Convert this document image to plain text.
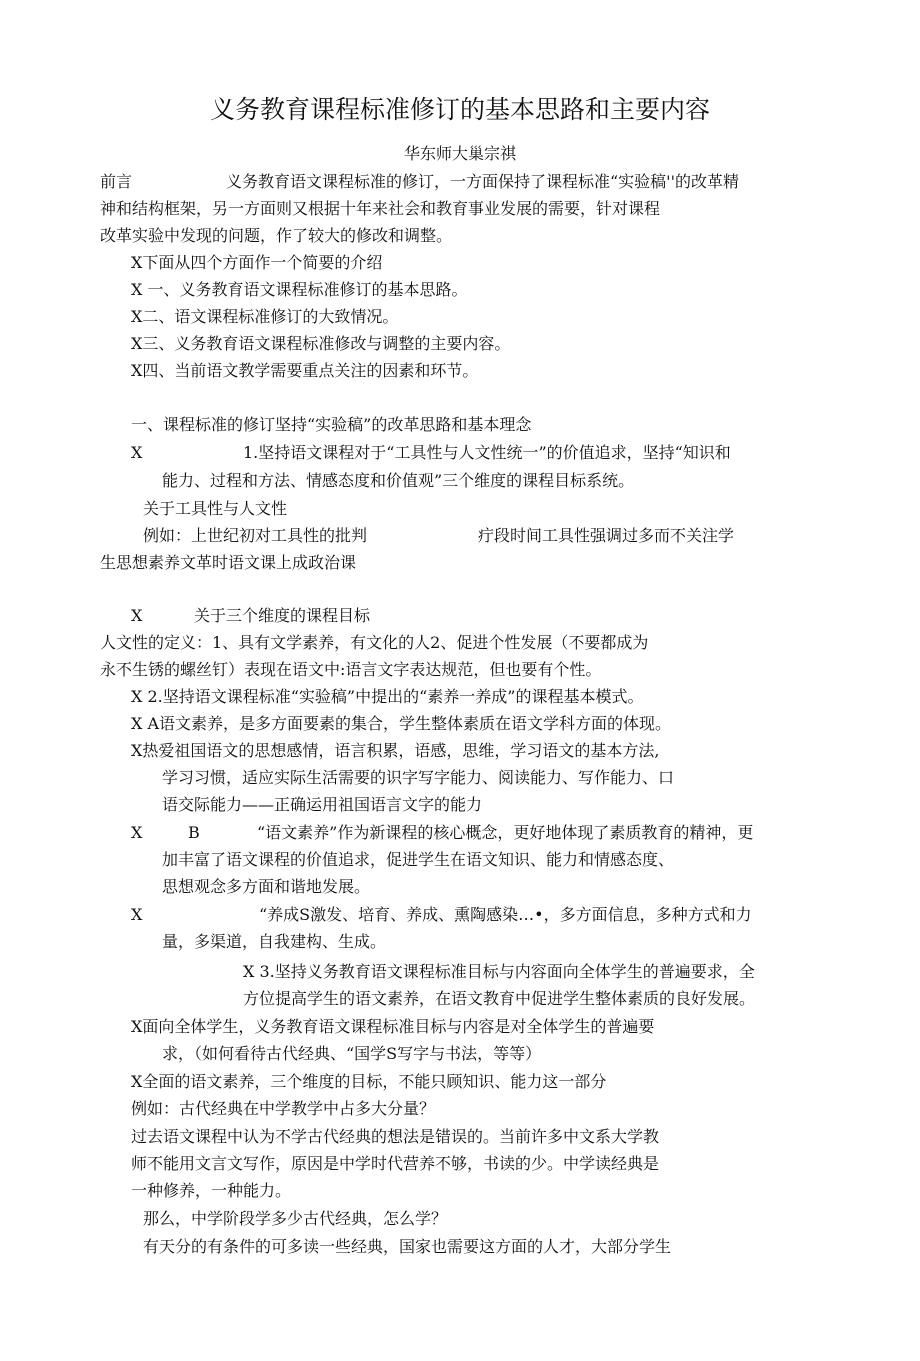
义务教育课程标准修订的基本思路和主要内容
华东师大巢宗祺
前言	义务教育语文课程标准的修订，一方面保持了课程标准“实验稿''的改革精
神和结构框架，另一方面则又根据十年来社会和教育事业发展的需要，针对课程
改革实验中发现的问题，作了较大的修改和调整。
X下面从四个方面作一个简要的介绍
X 一、义务教育语文课程标准修订的基本思路。
X二、语文课程标准修订的大致情况。
X三、义务教育语文课程标准修改与调整的主要内容。
X四、当前语文教学需要重点关注的因素和环节。
一、课程标准的修订坚持“实验稿”的改革思路和基本理念
X	1.坚持语文课程对于“工具性与人文性统一”的价值追求，坚持“知识和
能力、过程和方法、情感态度和价值观”三个维度的课程目标系统。
关于工具性与人文性
例如：上世纪初对工具性的批判	疔段时间工具性强调过多而不关注学
生思想素养文革时语文课上成政治课
X	关于三个维度的课程目标
人文性的定义：1、具有文学素养，有文化的人2、促进个性发展（不要都成为
永不生锈的螺丝钉）表现在语文中:语言文字表达规范，但也要有个性。
X 2.坚持语文课程标准“实验稿”中提出的“素养一养成”的课程基本模式。
X A语文素养，是多方面要素的集合，学生整体素质在语文学科方面的体现。
X热爱祖国语文的思想感情，语言积累，语感，思维，学习语文的基本方法,
学习习惯，适应实际生活需要的识字写字能力、阅读能力、写作能力、口
语交际能力——正确运用祖国语言文字的能力
X	B	“语文素养”作为新课程的核心概念，更好地体现了素质教育的精神，更
加丰富了语文课程的价值追求，促进学生在语文知识、能力和情感态度、
思想观念多方面和谐地发展。
X	“养成S激发、培育、养成、熏陶感染…•，多方面信息，多种方式和力
量，多渠道，自我建构、生成。
X 3.坚持义务教育语文课程标准目标与内容面向全体学生的普遍要求，全
方位提高学生的语文素养，在语文教育中促进学生整体素质的良好发展。
X面向全体学生，义务教育语文课程标准目标与内容是对全体学生的普遍要
求，（如何看待古代经典、“国学S写字与书法，等等）
X全面的语文素养，三个维度的目标，不能只顾知识、能力这一部分
例如：古代经典在中学教学中占多大分量？
过去语文课程中认为不学古代经典的想法是错误的。当前许多中文系大学教
师不能用文言文写作，原因是中学时代营养不够，书读的少。中学读经典是
一种修养，一种能力。
那么，中学阶段学多少古代经典，怎么学？
有天分的有条件的可多读一些经典，国家也需要这方面的人才，大部分学生
